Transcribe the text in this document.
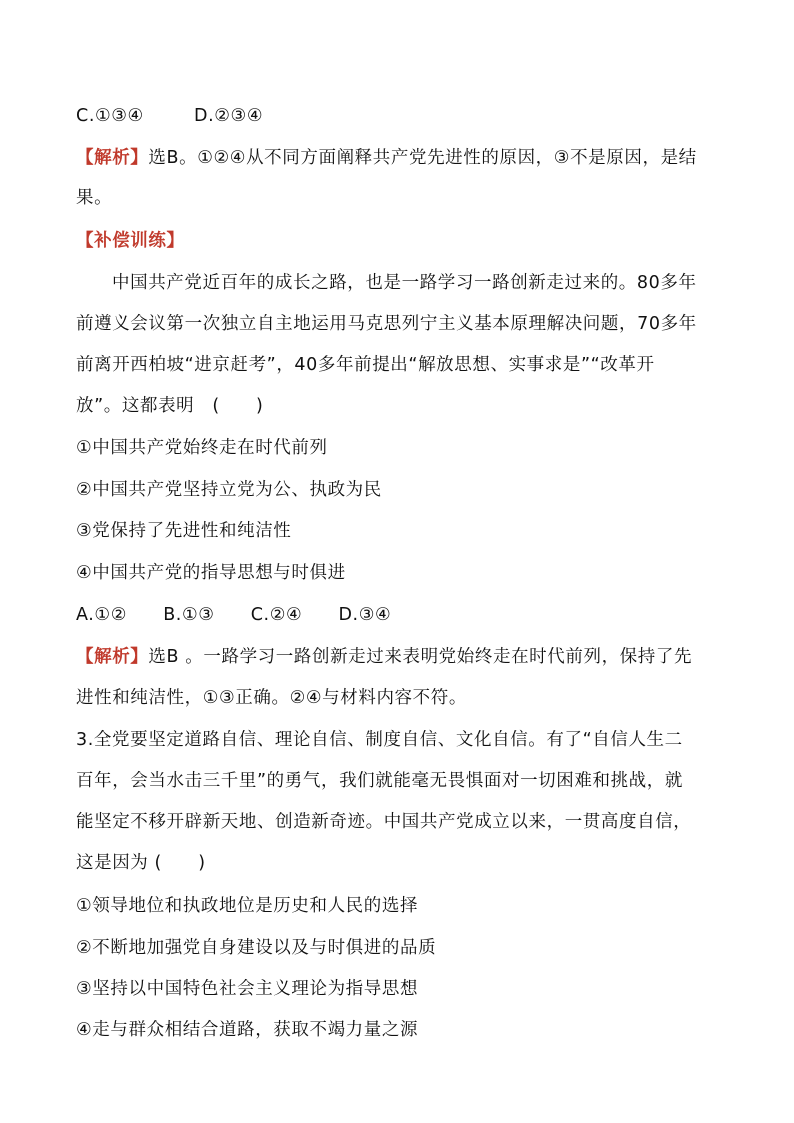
C.①③④	D.②③④
【解析】选B。①②④从不同方面阐释共产党先进性的原因，③不是原因，是结
果。
【补偿训练】
中国共产党近百年的成长之路，也是一路学习一路创新走过来的。80多年
前遵义会议第一次独立自主地运用马克思列宁主义基本原理解决问题，70多年
前离开西柏坡“进京赶考”，40多年前提出“解放思想、实事求是”“改革开
放”。这都表明　(　　)
①中国共产党始终走在时代前列
②中国共产党坚持立党为公、执政为民
③党保持了先进性和纯洁性
④中国共产党的指导思想与时俱进
A.①② B.①③ C.②④ D.③④
【解析】选B 。一路学习一路创新走过来表明党始终走在时代前列，保持了先
进性和纯洁性，①③正确。②④与材料内容不符。
3.全党要坚定道路自信、理论自信、制度自信、文化自信。有了“自信人生二
百年，会当水击三千里”的勇气，我们就能毫无畏惧面对一切困难和挑战，就
能坚定不移开辟新天地、创造新奇迹。中国共产党成立以来，一贯高度自信，
这是因为 (　　)
①领导地位和执政地位是历史和人民的选择
②不断地加强党自身建设以及与时俱进的品质
③坚持以中国特色社会主义理论为指导思想
④走与群众相结合道路，获取不竭力量之源
